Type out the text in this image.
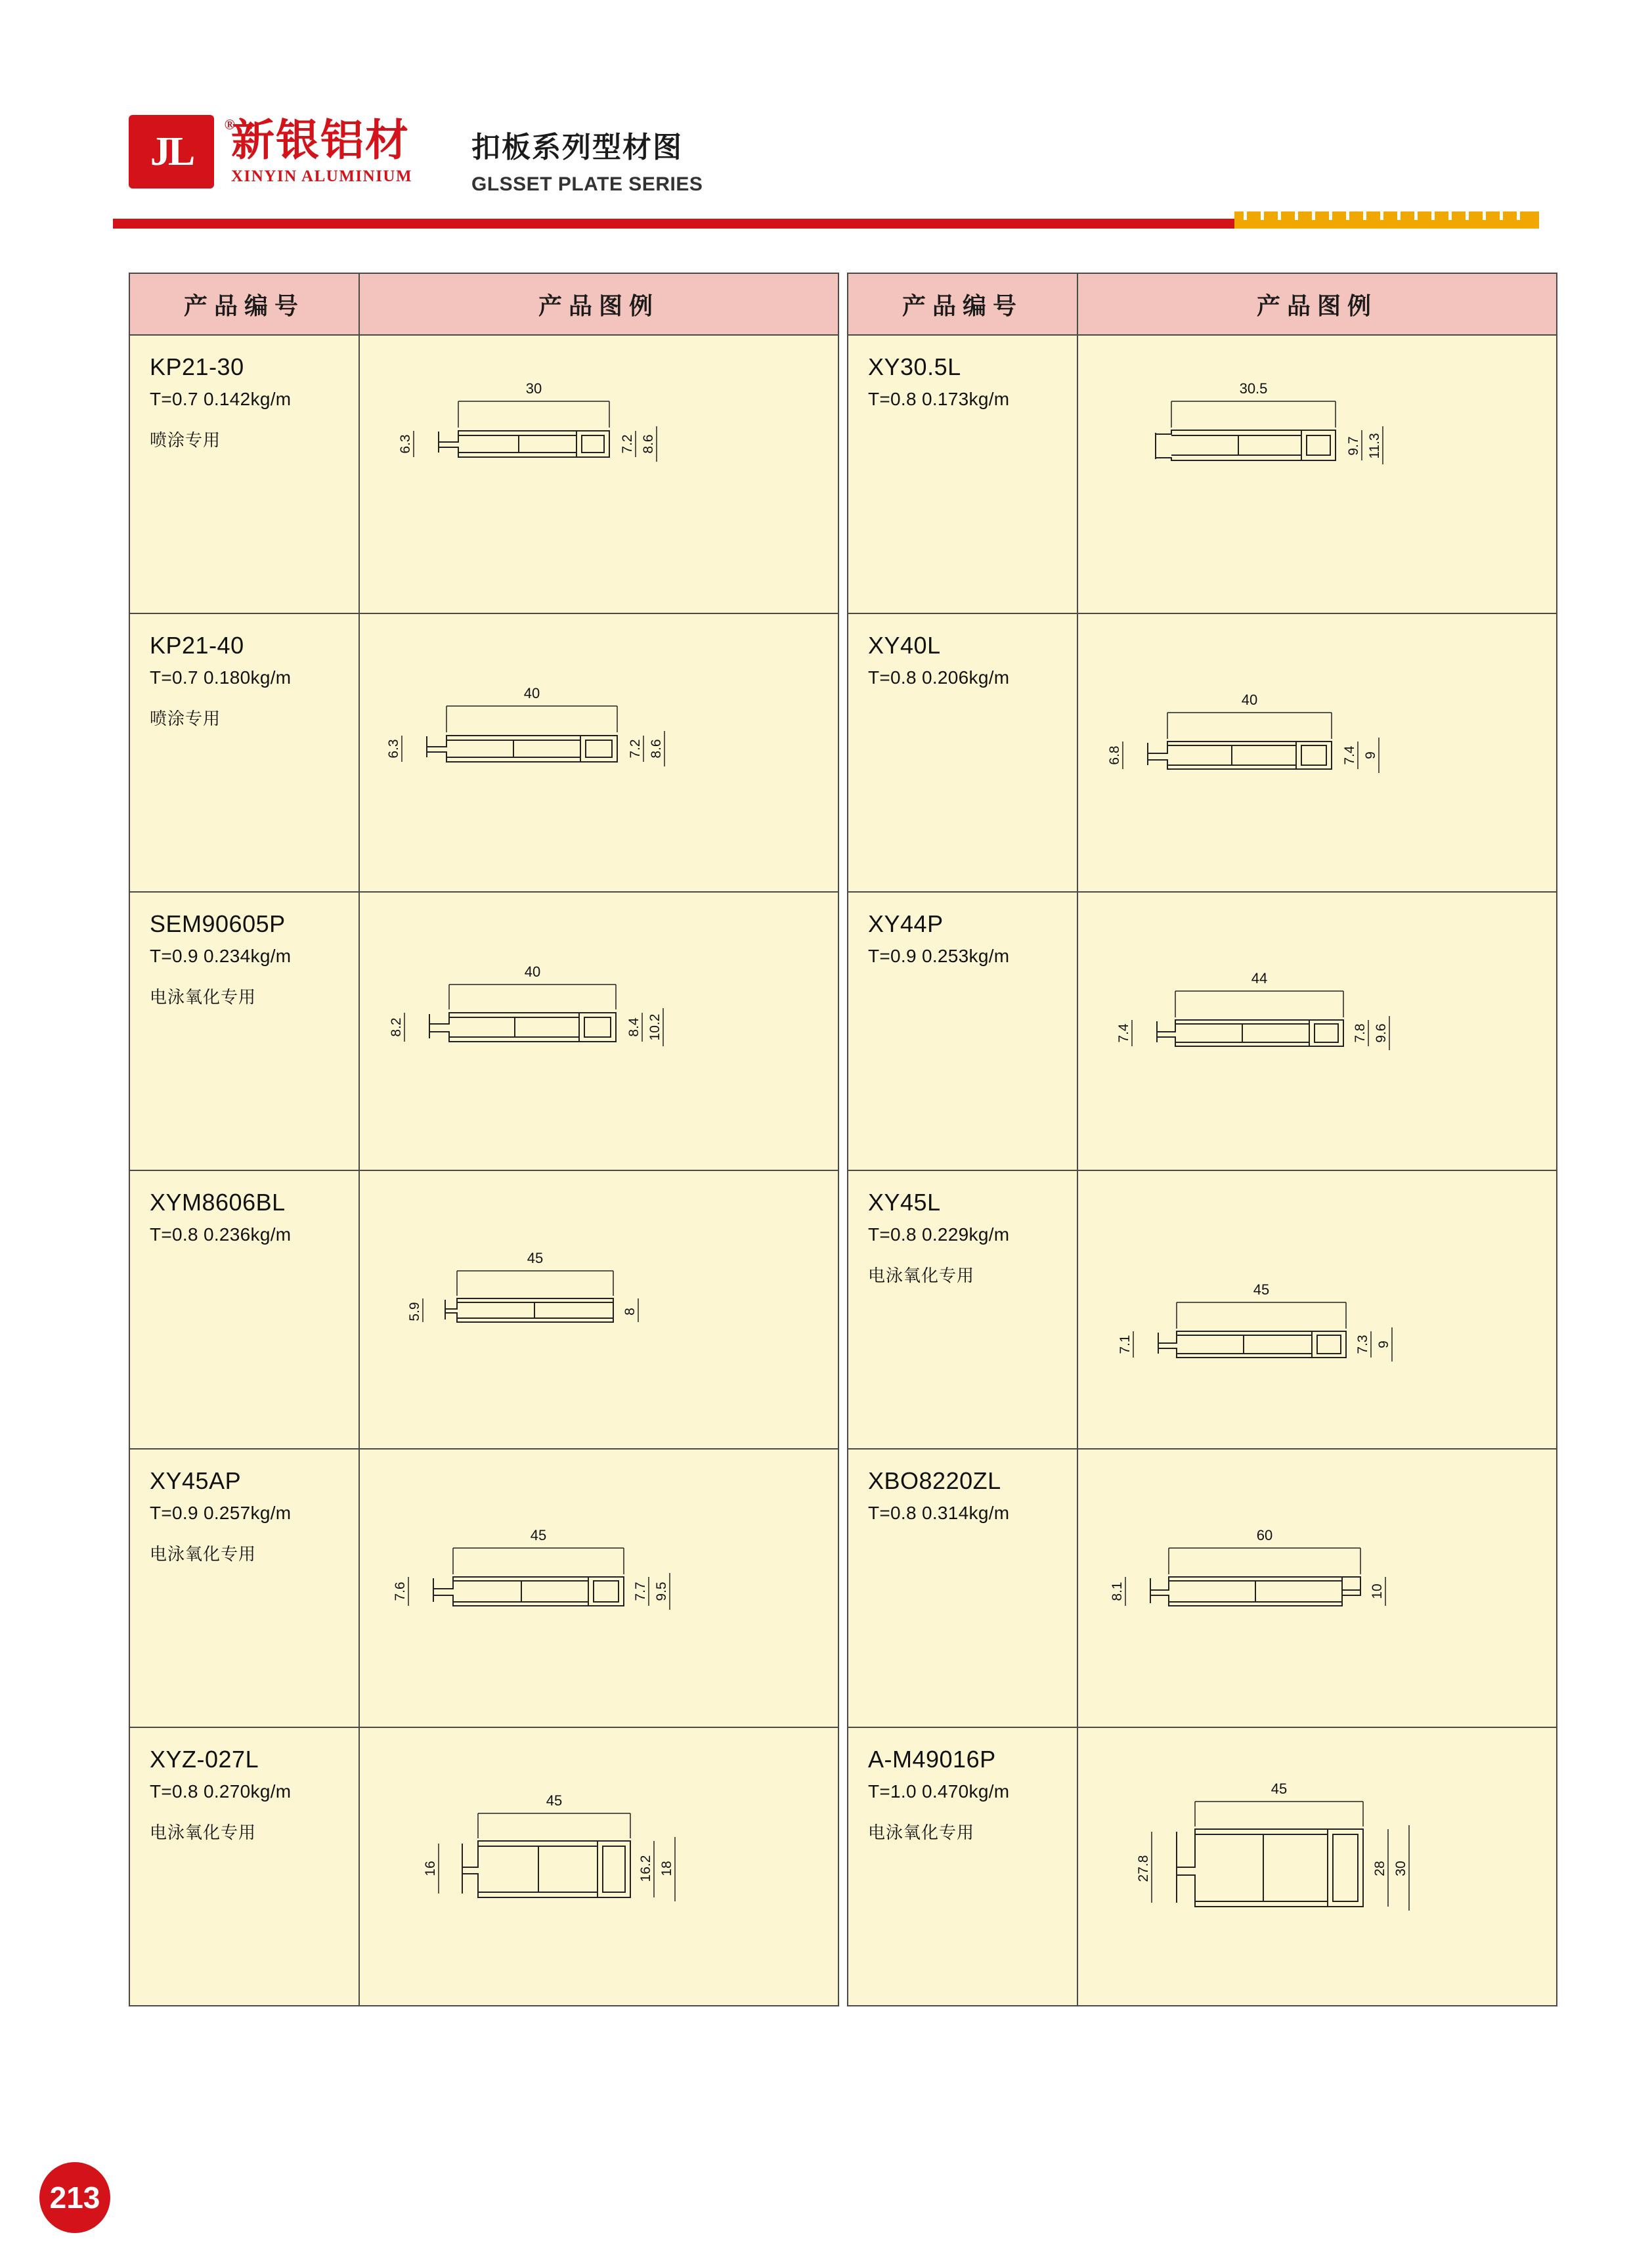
JL
®
新银铝材
XINYIN ALUMINIUM
扣板系列型材图
GLSSET PLATE SERIES
产品编号	产品图例

KP21-30
T=0.7 0.142kg/m
喷涂专用

30
6.3	7.2 8.6

KP21-40
T=0.7 0.180kg/m
喷涂专用

40
6.3	7.2 8.6

SEM90605P
T=0.9 0.234kg/m
电泳氧化专用

40
8.2	8.4 10.2

XYM8606BL
T=0.8 0.236kg/m

45
5.9	8

XY45AP
T=0.9 0.257kg/m
电泳氧化专用

45
7.6	7.7 9.5

XYZ-027L
T=0.8 0.270kg/m
电泳氧化专用

45
16	16.2 18
产品编号	产品图例

XY30.5L
T=0.8 0.173kg/m

30.5
9.7 11.3

XY40L
T=0.8 0.206kg/m

40
6.8	7.4 9

XY44P
T=0.9 0.253kg/m

44
7.4	7.8 9.6

XY45L
T=0.8 0.229kg/m
电泳氧化专用

45
7.1	7.3 9

XBO8220ZL
T=0.8 0.314kg/m

60
8.1	10

A-M49016P
T=1.0 0.470kg/m
电泳氧化专用

45
27.8	28 30
213
